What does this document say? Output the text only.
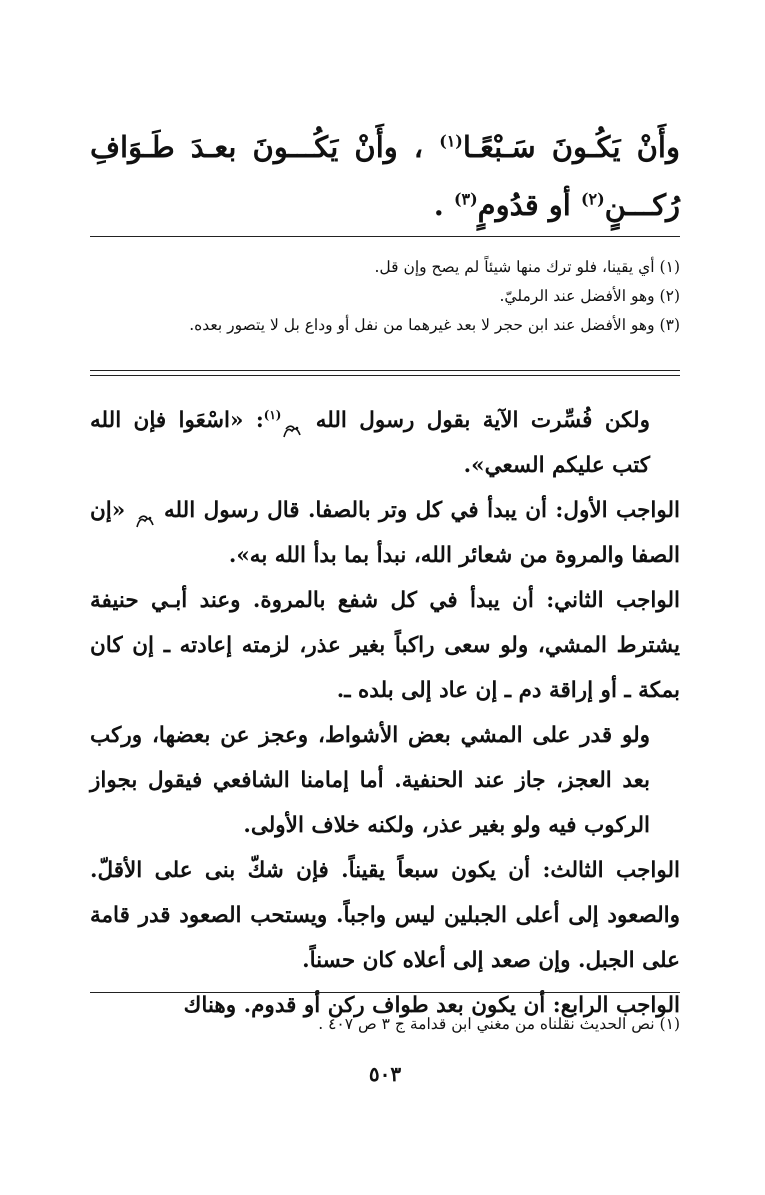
وأَنْ يَكُـونَ سَـبْعًـا$^{(١)}$ ، وأَنْ يَكُـــونَ بعـدَ طَـوَافِ رُكـــنٍ$^{(٢)}$ أو قدُومٍ$^{(٣)}$ .
(١) أي يقينا، فلو ترك منها شيئاً لم يصح وإن قل.
(٢) وهو الأفضل عند الرمليّ.
(٣) وهو الأفضل عند ابن حجر لا بعد غيرهما من نفل أو وداع بل لا يتصور بعده.

ولكن فُسِّرت الآية بقول رسول الله $^{(١)}$: «اسْعَوا فإن الله كتب عليكم السعي».

الواجب الأول: أن يبدأ في كل وتر بالصفا. قال رسول الله  «إن الصفا والمروة من شعائر الله، نبدأ بما بدأ الله به».

الواجب الثاني: أن يبدأ في كل شفع بالمروة. وعند أبـي حنيفة يشترط المشي، ولو سعى راكباً بغير عذر، لزمته إعادته ـ إن كان بمكة ـ أو إراقة دم ـ إن عاد إلى بلده ـ.

ولو قدر على المشي بعض الأشواط، وعجز عن بعضها، وركب بعد العجز، جاز عند الحنفية. أما إمامنا الشافعي فيقول بجواز الركوب فيه ولو بغير عذر، ولكنه خلاف الأولى.

الواجب الثالث: أن يكون سبعاً يقيناً. فإن شكّ بنى على الأقلّ. والصعود إلى أعلى الجبلين ليس واجباً. ويستحب الصعود قدر قامة على الجبل. وإن صعد إلى أعلاه كان حسناً.

الواجب الرابع: أن يكون بعد طواف ركن أو قدوم. وهناك

(١) نص الحديث نقلناه من مغني ابن قدامة ج ٣ ص ٤٠٧ .
٥٠٣
